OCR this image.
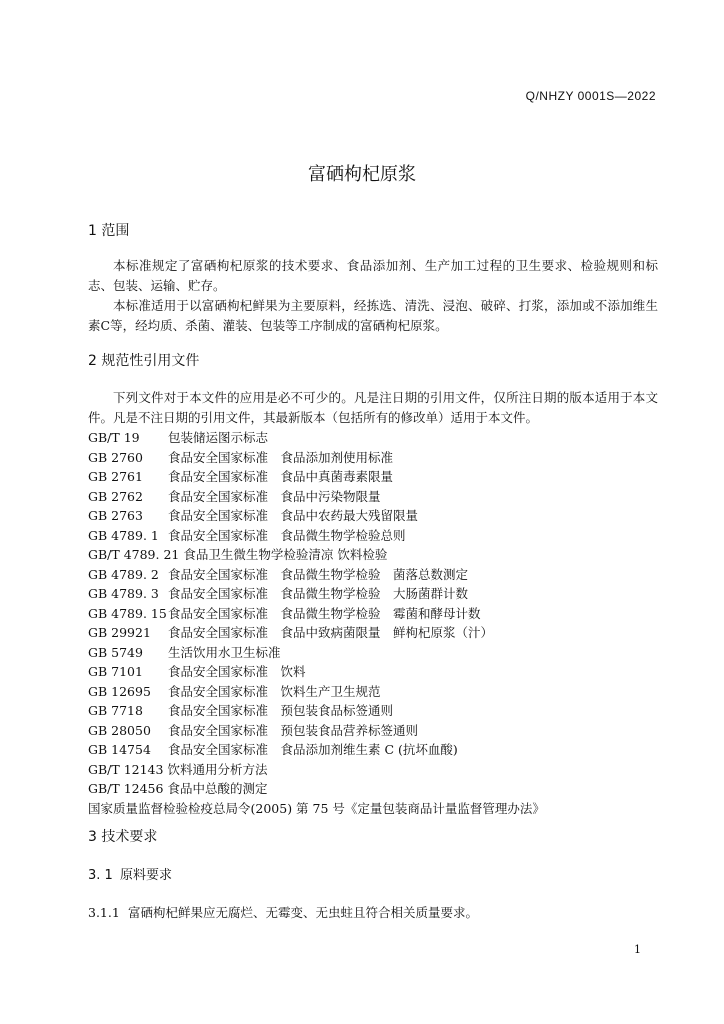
Q/NHZY 0001S—2022
富硒枸杞原浆
1 范围

本标准规定了富硒枸杞原浆的技术要求、食品添加剂、生产加工过程的卫生要求、检验规则和标志、包装、运输、贮存。

本标准适用于以富硒枸杞鲜果为主要原料，经拣选、清洗、浸泡、破碎、打浆，添加或不添加维生素C等，经均质、杀菌、灌装、包装等工序制成的富硒枸杞原浆。

2 规范性引用文件

下列文件对于本文件的应用是必不可少的。凡是注日期的引用文件，仅所注日期的版本适用于本文件。凡是不注日期的引用文件，其最新版本（包括所有的修改单）适用于本文件。

GB/T 19 包装储运图示标志
GB 2760 食品安全国家标准　食品添加剂使用标准
GB 2761 食品安全国家标准　食品中真菌毒素限量
GB 2762 食品安全国家标准　食品中污染物限量
GB 2763 食品安全国家标准　食品中农药最大残留限量
GB 4789. 1 食品安全国家标准　食品微生物学检验总则
GB/T 4789. 21 食品卫生微生物学检验清凉 饮料检验
GB 4789. 2 食品安全国家标准　食品微生物学检验　菌落总数测定
GB 4789. 3 食品安全国家标准　食品微生物学检验　大肠菌群计数
GB 4789. 15食品安全国家标准　食品微生物学检验　霉菌和酵母计数
GB 29921 食品安全国家标准　食品中致病菌限量　鲜枸杞原浆（汁）
GB 5749 生活饮用水卫生标准
GB 7101 食品安全国家标准　饮料
GB 12695 食品安全国家标准　饮料生产卫生规范
GB 7718 食品安全国家标准　预包装食品标签通则
GB 28050 食品安全国家标准　预包装食品营养标签通则
GB 14754 食品安全国家标准　食品添加剂维生素 C (抗坏血酸)
GB/T 12143 饮料通用分析方法
GB/T 12456 食品中总酸的测定
国家质量监督检验检疫总局令(2005) 第 75 号《定量包装商品计量监督管理办法》
3 技术要求
3. 1 原料要求
3.1.1 富硒枸杞鲜果应无腐烂、无霉变、无虫蛀且符合相关质量要求。
1
